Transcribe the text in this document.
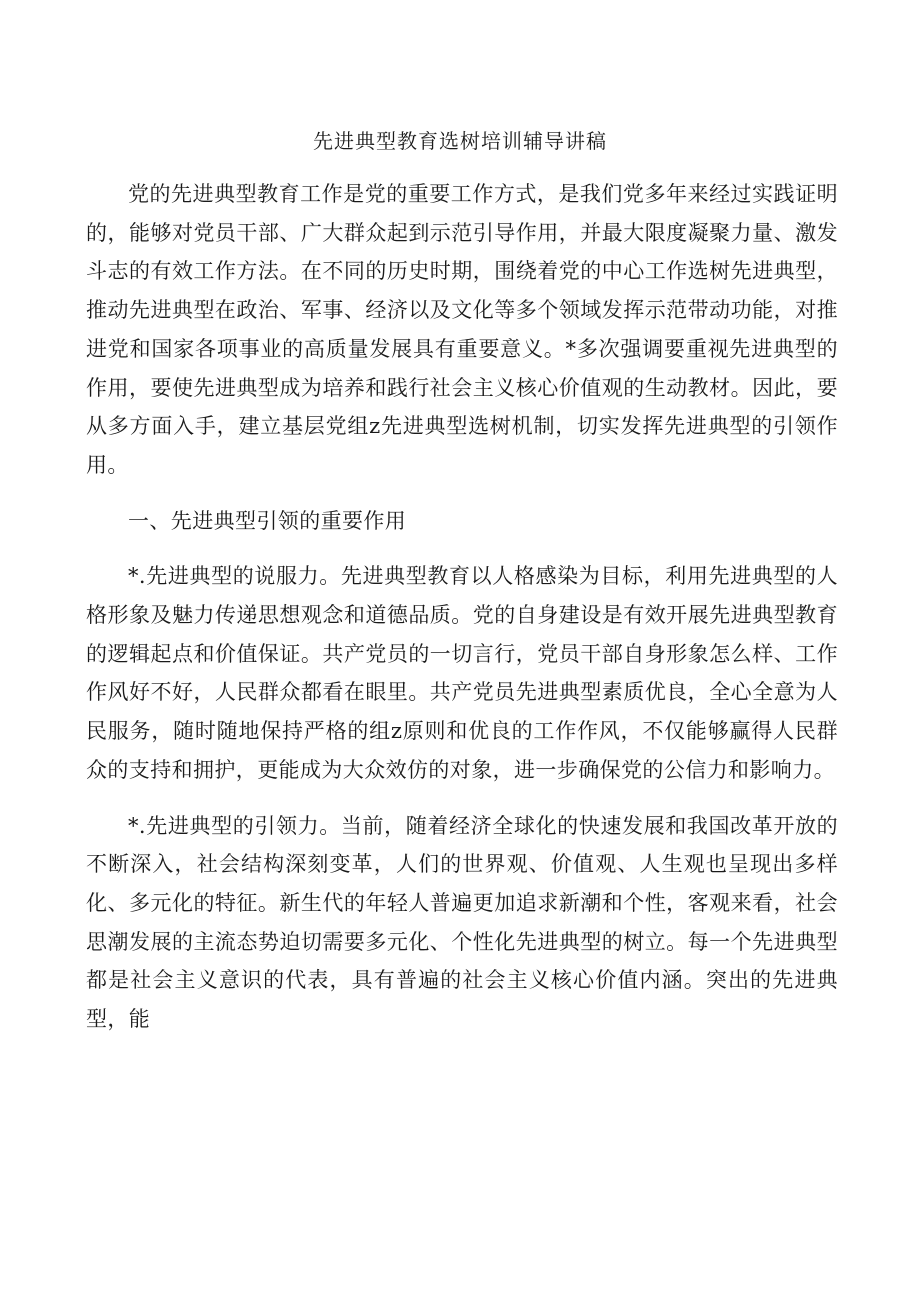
先进典型教育选树培训辅导讲稿

党的先进典型教育工作是党的重要工作方式，是我们党多年来经过实践证明的，能够对党员干部、广大群众起到示范引导作用，并最大限度凝聚力量、激发斗志的有效工作方法。在不同的历史时期，围绕着党的中心工作选树先进典型，推动先进典型在政治、军事、经济以及文化等多个领域发挥示范带动功能，对推进党和国家各项事业的高质量发展具有重要意义。*多次强调要重视先进典型的作用，要使先进典型成为培养和践行社会主义核心价值观的生动教材。因此，要从多方面入手，建立基层党组z先进典型选树机制，切实发挥先进典型的引领作用。

一、先进典型引领的重要作用

*.先进典型的说服力。先进典型教育以人格感染为目标，利用先进典型的人格形象及魅力传递思想观念和道德品质。党的自身建设是有效开展先进典型教育的逻辑起点和价值保证。共产党员的一切言行，党员干部自身形象怎么样、工作作风好不好，人民群众都看在眼里。共产党员先进典型素质优良，全心全意为人民服务，随时随地保持严格的组z原则和优良的工作作风，不仅能够赢得人民群众的支持和拥护，更能成为大众效仿的对象，进一步确保党的公信力和影响力。

*.先进典型的引领力。当前，随着经济全球化的快速发展和我国改革开放的不断深入，社会结构深刻变革，人们的世界观、价值观、人生观也呈现出多样化、多元化的特征。新生代的年轻人普遍更加追求新潮和个性，客观来看，社会思潮发展的主流态势迫切需要多元化、个性化先进典型的树立。每一个先进典型都是社会主义意识的代表，具有普遍的社会主义核心价值内涵。突出的先进典型，能
